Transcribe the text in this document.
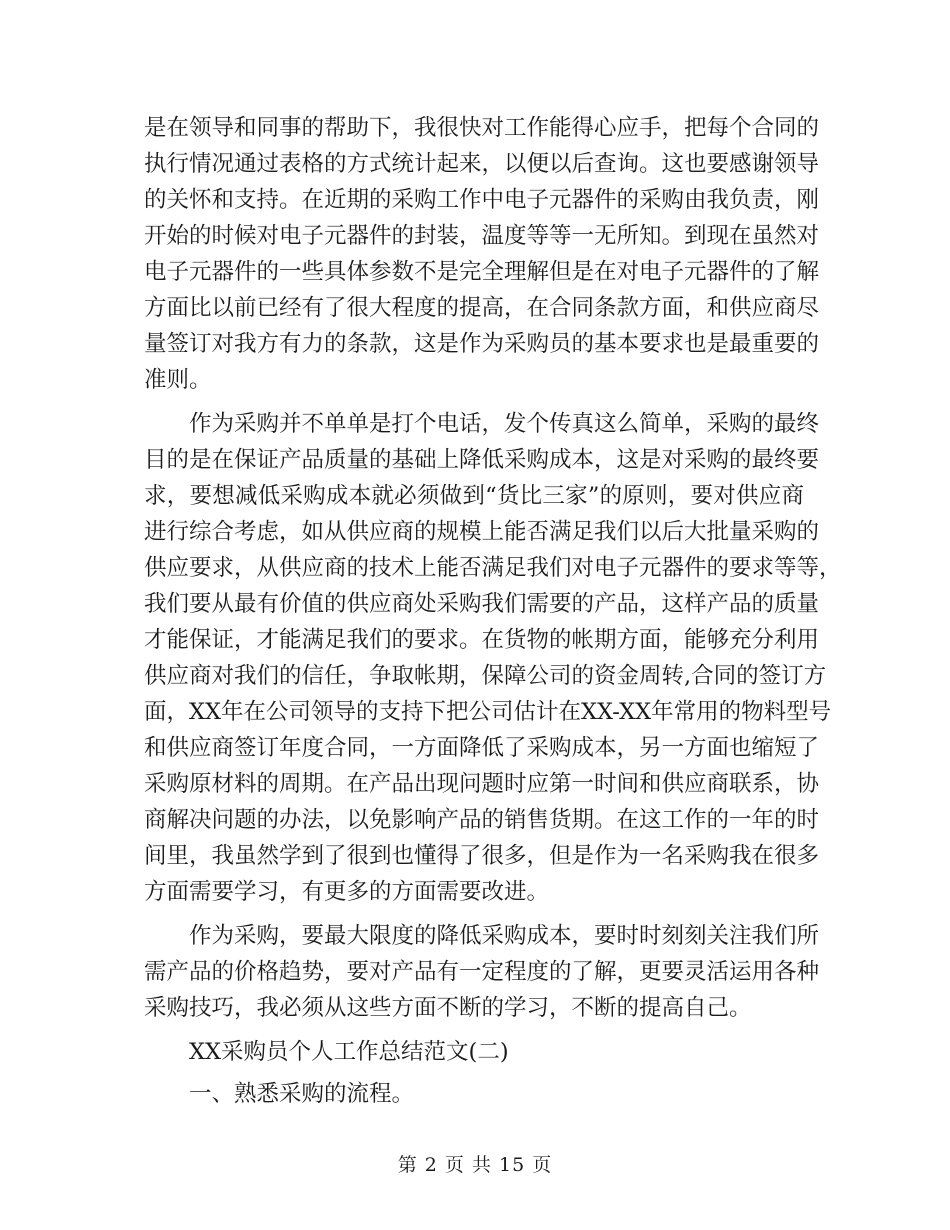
是在领导和同事的帮助下，我很快对工作能得心应手，把每个合同的
执行情况通过表格的方式统计起来，以便以后查询。这也要感谢领导
的关怀和支持。在近期的采购工作中电子元器件的采购由我负责，刚
开始的时候对电子元器件的封装，温度等等一无所知。到现在虽然对
电子元器件的一些具体参数不是完全理解但是在对电子元器件的了解
方面比以前已经有了很大程度的提高，在合同条款方面，和供应商尽
量签订对我方有力的条款，这是作为采购员的基本要求也是最重要的
准则。
作为采购并不单单是打个电话，发个传真这么简单，采购的最终
目的是在保证产品质量的基础上降低采购成本，这是对采购的最终要
求，要想减低采购成本就必须做到“货比三家”的原则，要对供应商
进行综合考虑，如从供应商的规模上能否满足我们以后大批量采购的
供应要求，从供应商的技术上能否满足我们对电子元器件的要求等等，
我们要从最有价值的供应商处采购我们需要的产品，这样产品的质量
才能保证，才能满足我们的要求。在货物的帐期方面，能够充分利用
供应商对我们的信任，争取帐期，保障公司的资金周转,合同的签订方
面，XX年在公司领导的支持下把公司估计在XX-XX年常用的物料型号
和供应商签订年度合同，一方面降低了采购成本，另一方面也缩短了
采购原材料的周期。在产品出现问题时应第一时间和供应商联系，协
商解决问题的办法，以免影响产品的销售货期。在这工作的一年的时
间里，我虽然学到了很到也懂得了很多，但是作为一名采购我在很多
方面需要学习，有更多的方面需要改进。
作为采购，要最大限度的降低采购成本，要时时刻刻关注我们所
需产品的价格趋势，要对产品有一定程度的了解，更要灵活运用各种
采购技巧，我必须从这些方面不断的学习，不断的提高自己。
XX采购员个人工作总结范文(二)
一、熟悉采购的流程。
第 2 页 共 15 页
